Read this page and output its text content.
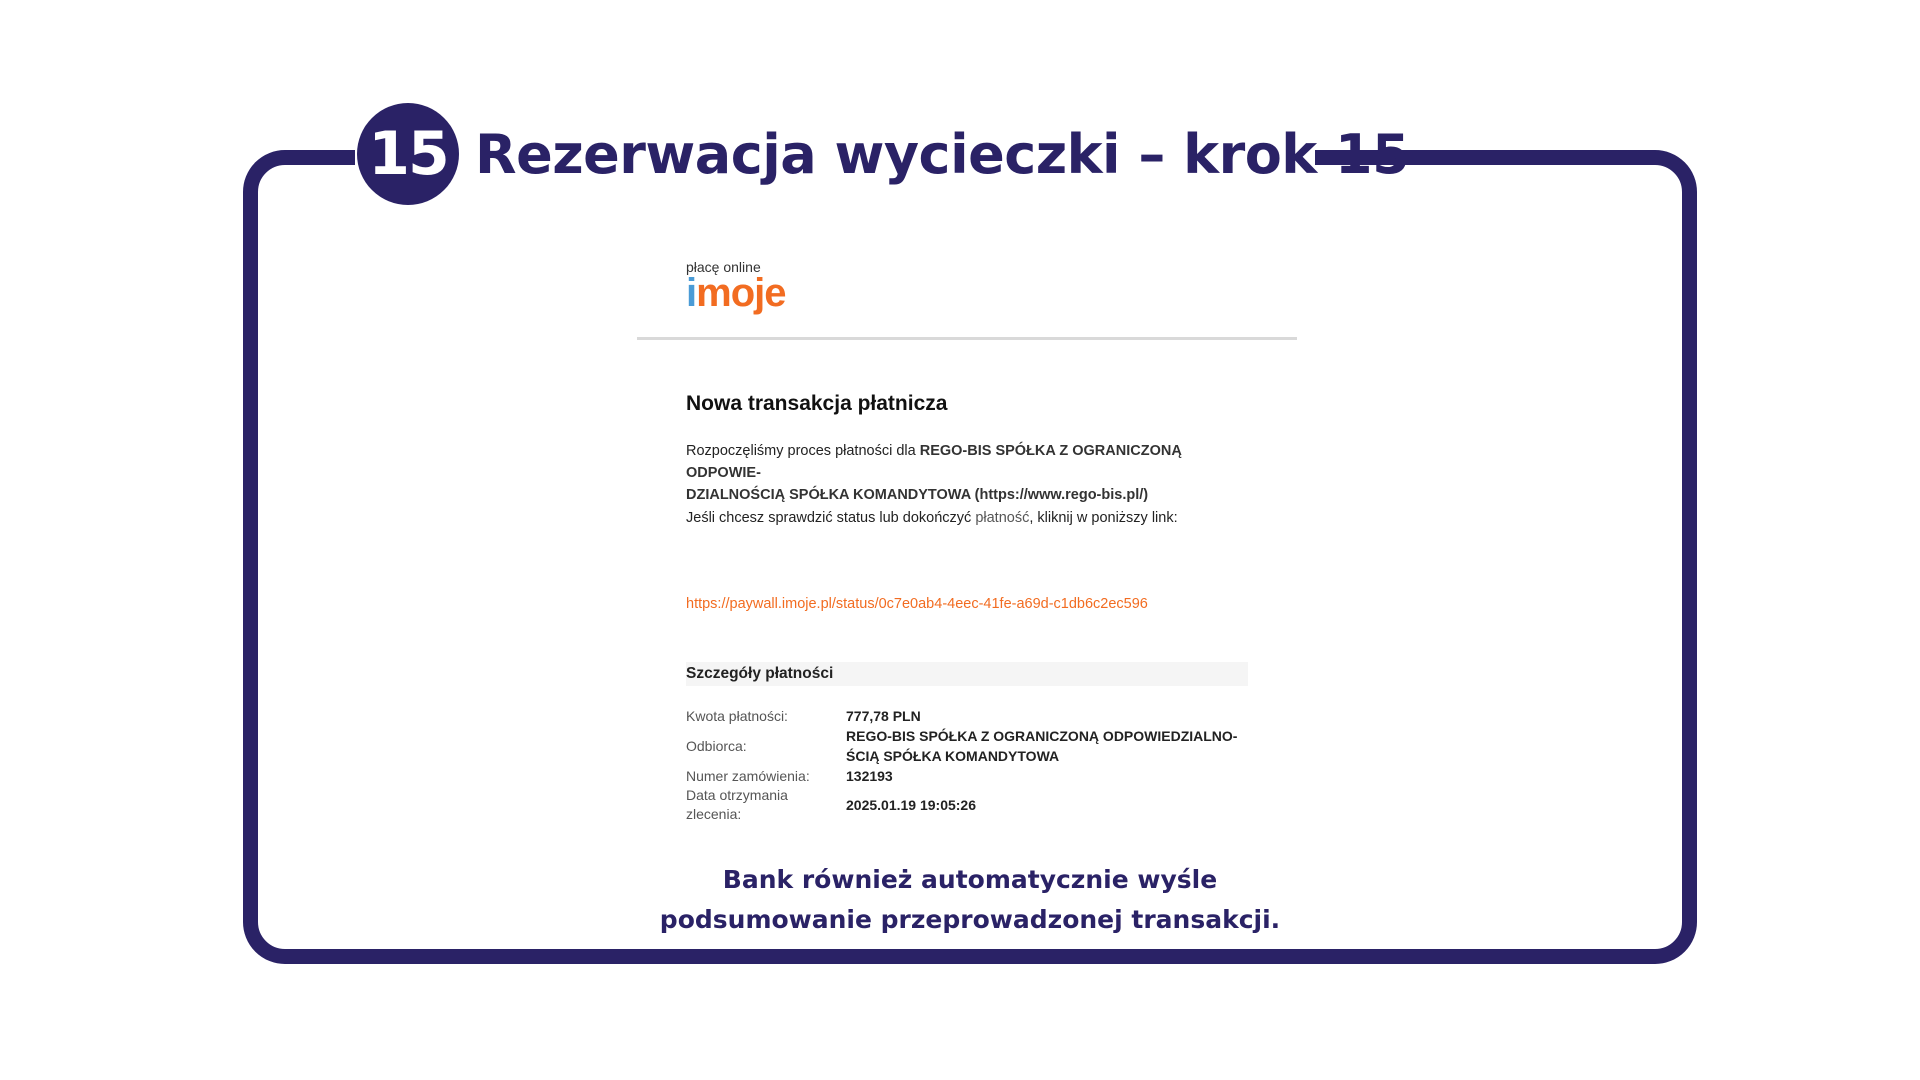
15 Rezerwacja wycieczki – krok 15
płacę online
imoje
Nowa transakcja płatnicza
Rozpoczęliśmy proces płatności dla REGO-BIS SPÓŁKA Z OGRANICZONĄ ODPOWIE-
DZIALNOŚCIĄ SPÓŁKA KOMANDYTOWA (https://www.rego-bis.pl/)
Jeśli chcesz sprawdzić status lub dokończyć płatność, kliknij w poniższy link:
https://paywall.imoje.pl/status/0c7e0ab4-4eec-41fe-a69d-c1db6c2ec596
Szczegóły płatności
Kwota płatności:	777,78 PLN
Odbiorca:
REGO-BIS SPÓŁKA Z OGRANICZONĄ ODPOWIEDZIALNO-
ŚCIĄ SPÓŁKA KOMANDYTOWA
Numer zamówienia:	132193
Data otrzymania
zlecenia:
2025.01.19 19:05:26
Bank również automatycznie wyśle
podsumowanie przeprowadzonej transakcji.
